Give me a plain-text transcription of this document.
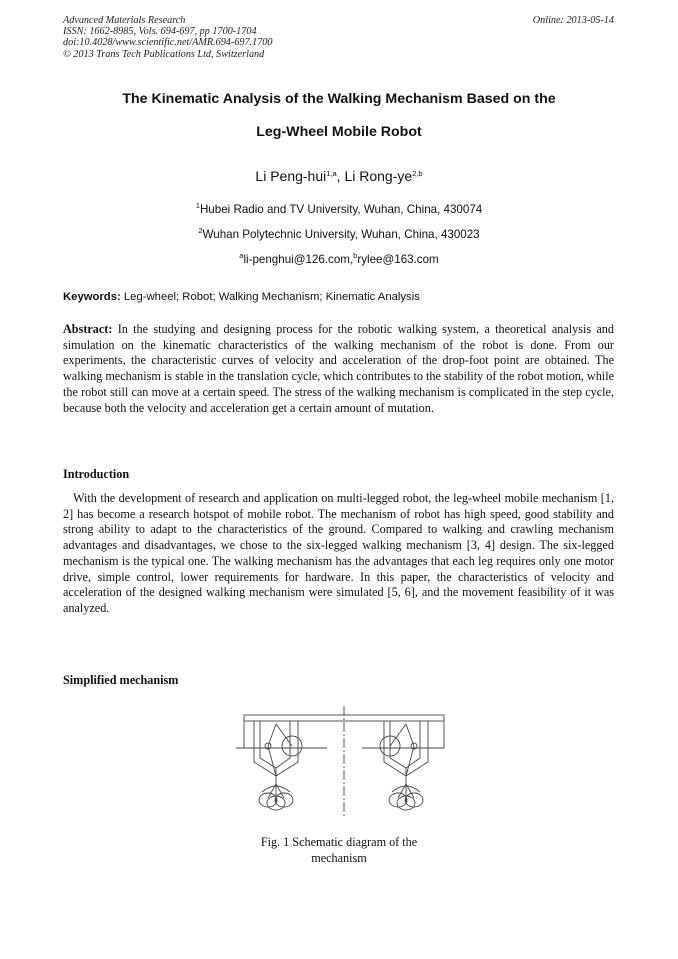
Advanced Materials Research
ISSN: 1662-8985, Vols. 694-697, pp 1700-1704
doi:10.4028/www.scientific.net/AMR.694-697.1700
© 2013 Trans Tech Publications Ltd, Switzerland
Online: 2013-05-14
The Kinematic Analysis of the Walking Mechanism Based on the
Leg-Wheel Mobile Robot
Li Peng-hui$^{1,a}$, Li Rong-ye$^{2,b}$
$^1$Hubei Radio and TV University, Wuhan, China, 430074
$^2$Wuhan Polytechnic University, Wuhan, China, 430023
$^a$li-penghui@126.com,$^b$rylee@163.com
Keywords: Leg-wheel; Robot; Walking Mechanism; Kinematic Analysis
Abstract: In the studying and designing process for the robotic walking system, a theoretical analysis and simulation on the kinematic characteristics of the walking mechanism of the robot is done. From our experiments, the characteristic curves of velocity and acceleration of the drop-foot point are obtained. The walking mechanism is stable in the translation cycle, which contributes to the stability of the robot motion, while the robot still can move at a certain speed. The stress of the walking mechanism is complicated in the step cycle, because both the velocity and acceleration get a certain amount of mutation.
Introduction
With the development of research and application on multi-legged robot, the leg-wheel mobile mechanism [1, 2] has become a research hotspot of mobile robot. The mechanism of robot has high speed, good stability and strong ability to adapt to the characteristics of the ground. Compared to walking and crawling mechanism advantages and disadvantages, we chose to the six-legged walking mechanism [3, 4] design. The six-legged mechanism is the typical one. The walking mechanism has the advantages that each leg requires only one motor drive, simple control, lower requirements for hardware. In this paper, the characteristics of velocity and acceleration of the designed walking mechanism were simulated [5, 6], and the movement feasibility of it was analyzed.
Simplified mechanism
Fig. 1 Schematic diagram of the
mechanism
